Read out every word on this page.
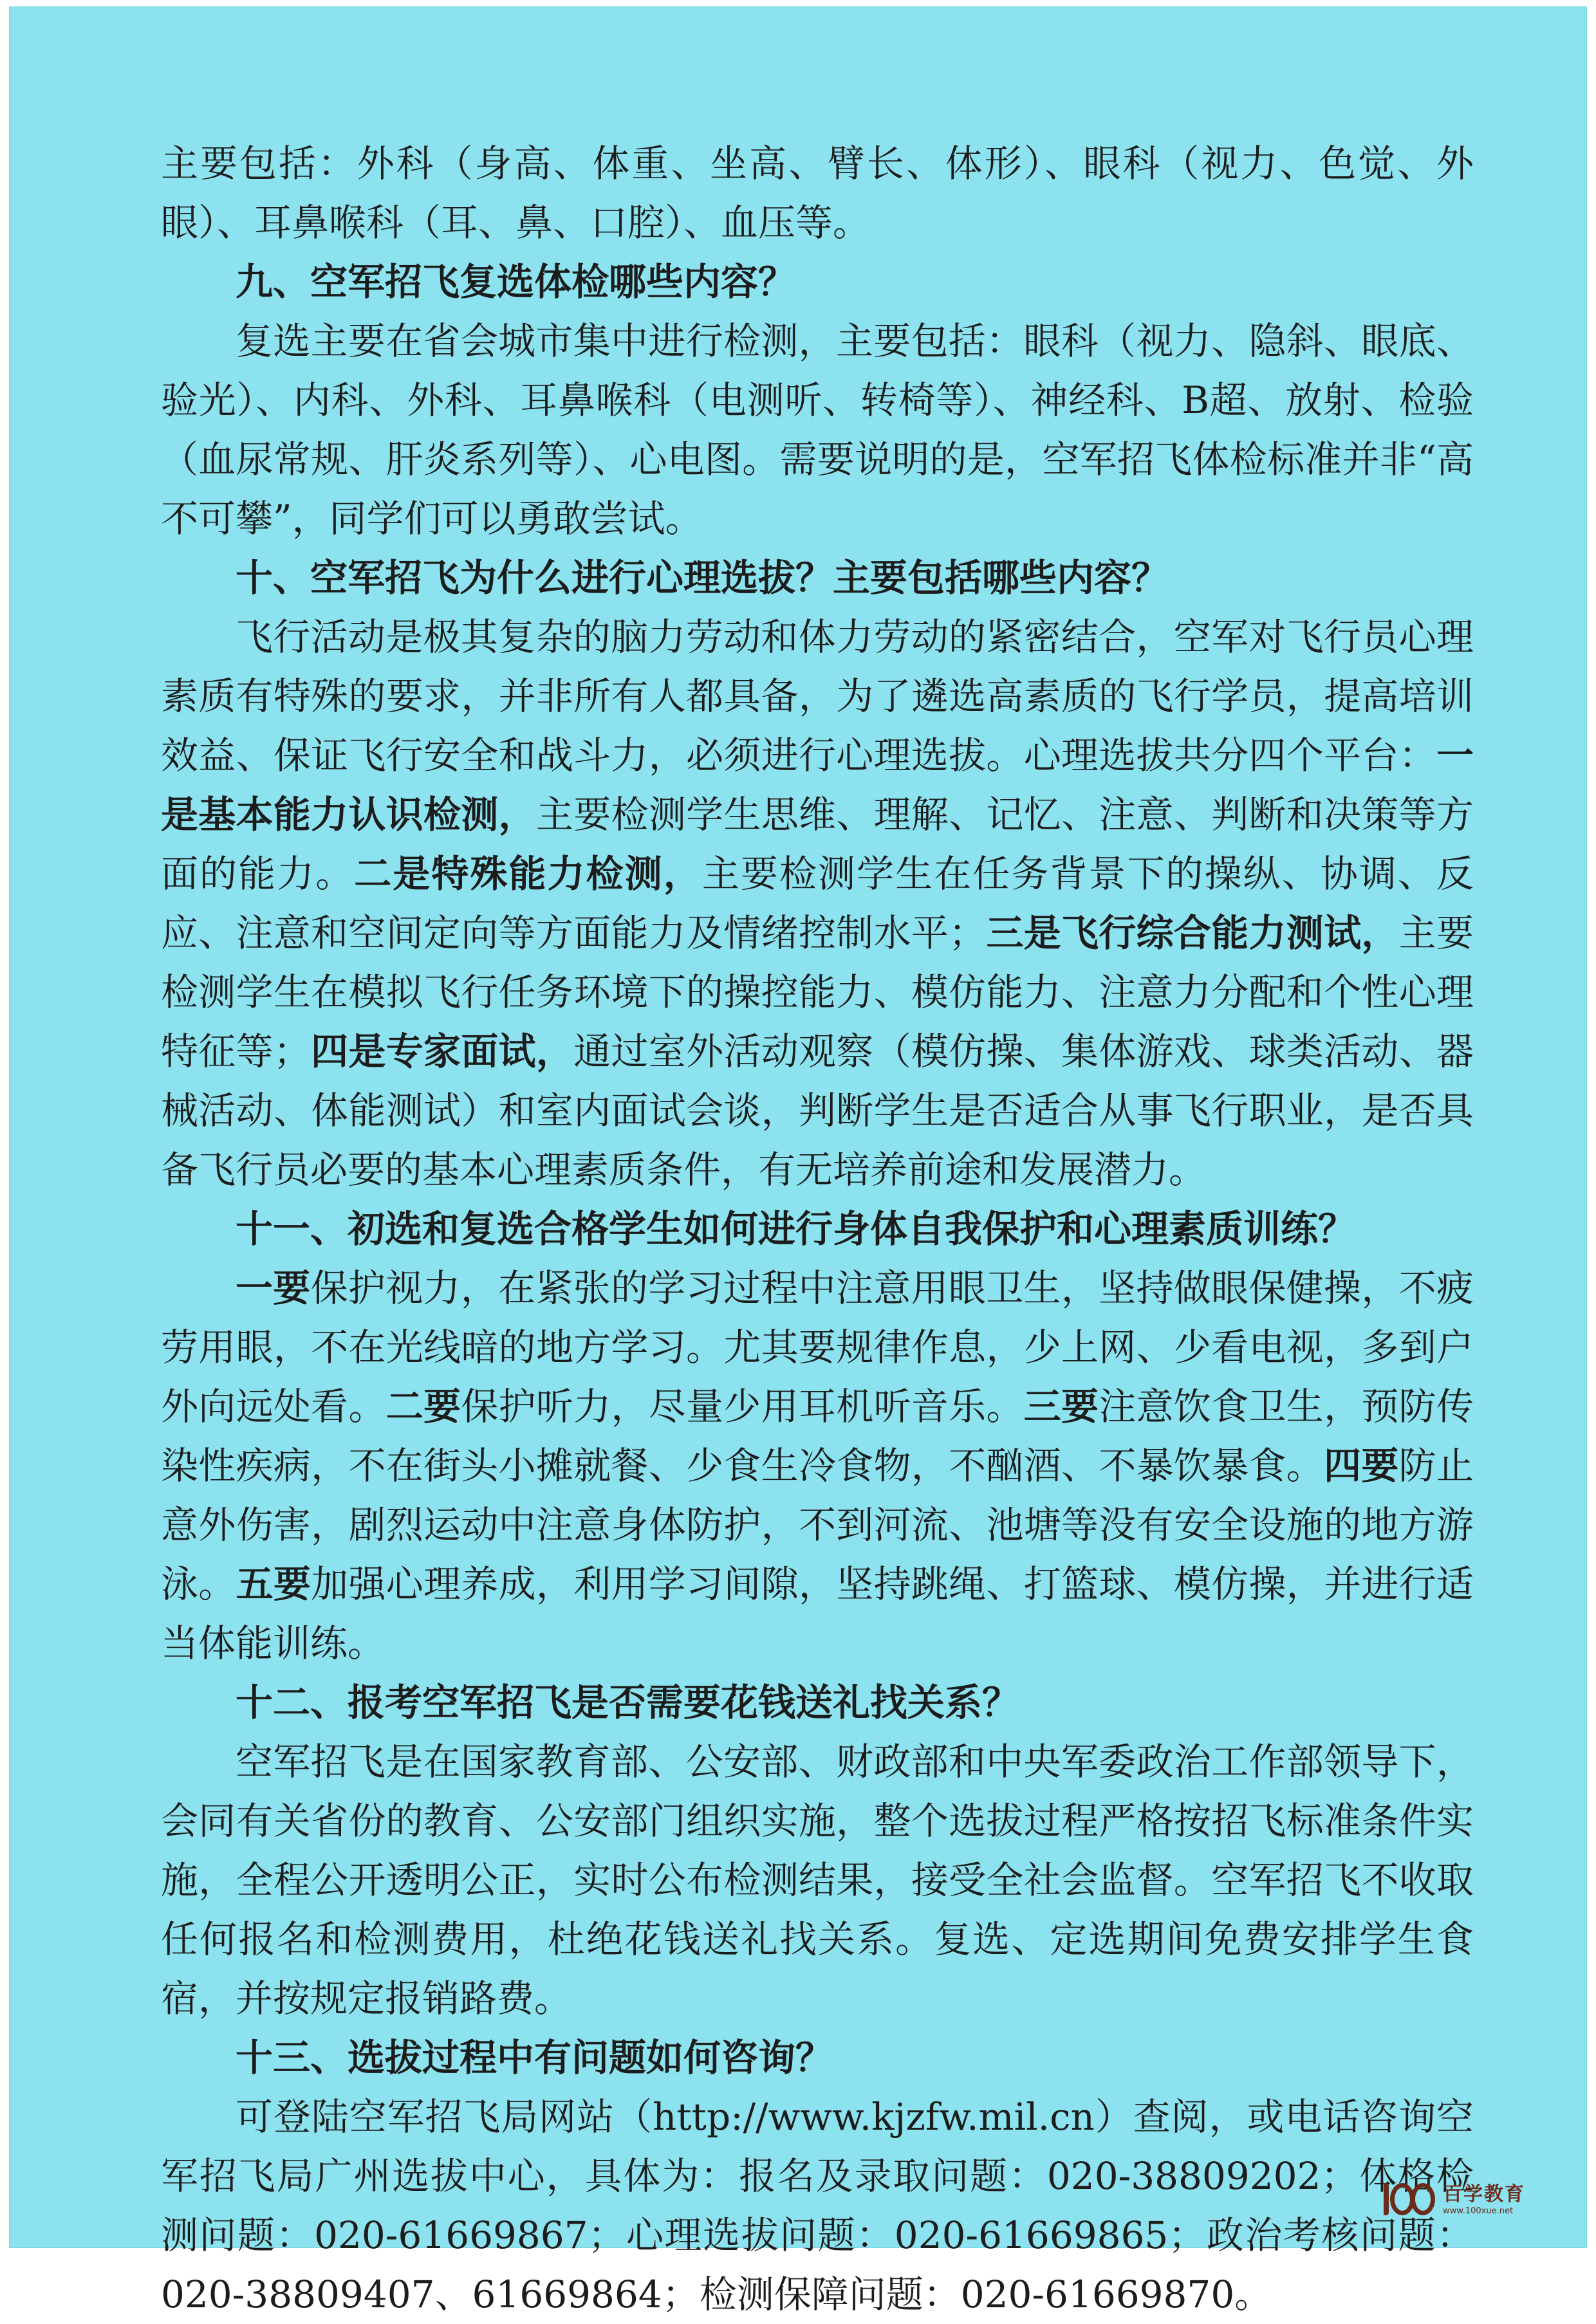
主要包括：外科（身高、体重、坐高、臂长、体形）、眼科（视力、色觉、外眼）、耳鼻喉科（耳、鼻、口腔）、血压等。

九、空军招飞复选体检哪些内容？

复选主要在省会城市集中进行检测，主要包括：眼科（视力、隐斜、眼底、验光）、内科、外科、耳鼻喉科（电测听、转椅等）、神经科、B超、放射、检验（血尿常规、肝炎系列等）、心电图。需要说明的是，空军招飞体检标准并非“高不可攀”，同学们可以勇敢尝试。

十、空军招飞为什么进行心理选拔？主要包括哪些内容？

飞行活动是极其复杂的脑力劳动和体力劳动的紧密结合，空军对飞行员心理素质有特殊的要求，并非所有人都具备，为了遴选高素质的飞行学员，提高培训效益、保证飞行安全和战斗力，必须进行心理选拔。心理选拔共分四个平台：一是基本能力认识检测，主要检测学生思维、理解、记忆、注意、判断和决策等方面的能力。二是特殊能力检测，主要检测学生在任务背景下的操纵、协调、反应、注意和空间定向等方面能力及情绪控制水平；三是飞行综合能力测试，主要检测学生在模拟飞行任务环境下的操控能力、模仿能力、注意力分配和个性心理特征等；四是专家面试，通过室外活动观察（模仿操、集体游戏、球类活动、器械活动、体能测试）和室内面试会谈，判断学生是否适合从事飞行职业，是否具备飞行员必要的基本心理素质条件，有无培养前途和发展潜力。

十一、初选和复选合格学生如何进行身体自我保护和心理素质训练？

一要保护视力，在紧张的学习过程中注意用眼卫生，坚持做眼保健操，不疲劳用眼，不在光线暗的地方学习。尤其要规律作息，少上网、少看电视，多到户外向远处看。二要保护听力，尽量少用耳机听音乐。三要注意饮食卫生，预防传染性疾病，不在街头小摊就餐、少食生冷食物，不酗酒、不暴饮暴食。四要防止意外伤害，剧烈运动中注意身体防护，不到河流、池塘等没有安全设施的地方游泳。五要加强心理养成，利用学习间隙，坚持跳绳、打篮球、模仿操，并进行适当体能训练。

十二、报考空军招飞是否需要花钱送礼找关系？

空军招飞是在国家教育部、公安部、财政部和中央军委政治工作部领导下，会同有关省份的教育、公安部门组织实施，整个选拔过程严格按招飞标准条件实施，全程公开透明公正，实时公布检测结果，接受全社会监督。空军招飞不收取任何报名和检测费用，杜绝花钱送礼找关系。复选、定选期间免费安排学生食宿，并按规定报销路费。

十三、选拔过程中有问题如何咨询？

可登陆空军招飞局网站（http://www.kjzfw.mil.cn）查阅，或电话咨询空军招飞局广州选拔中心，具体为：报名及录取问题：020-38809202；体格检测问题：020-61669867；心理选拔问题：020-61669865；政治考核问题：020-38809407、61669864；检测保障问题：020-61669870。

百学教育
www.100xue.net
